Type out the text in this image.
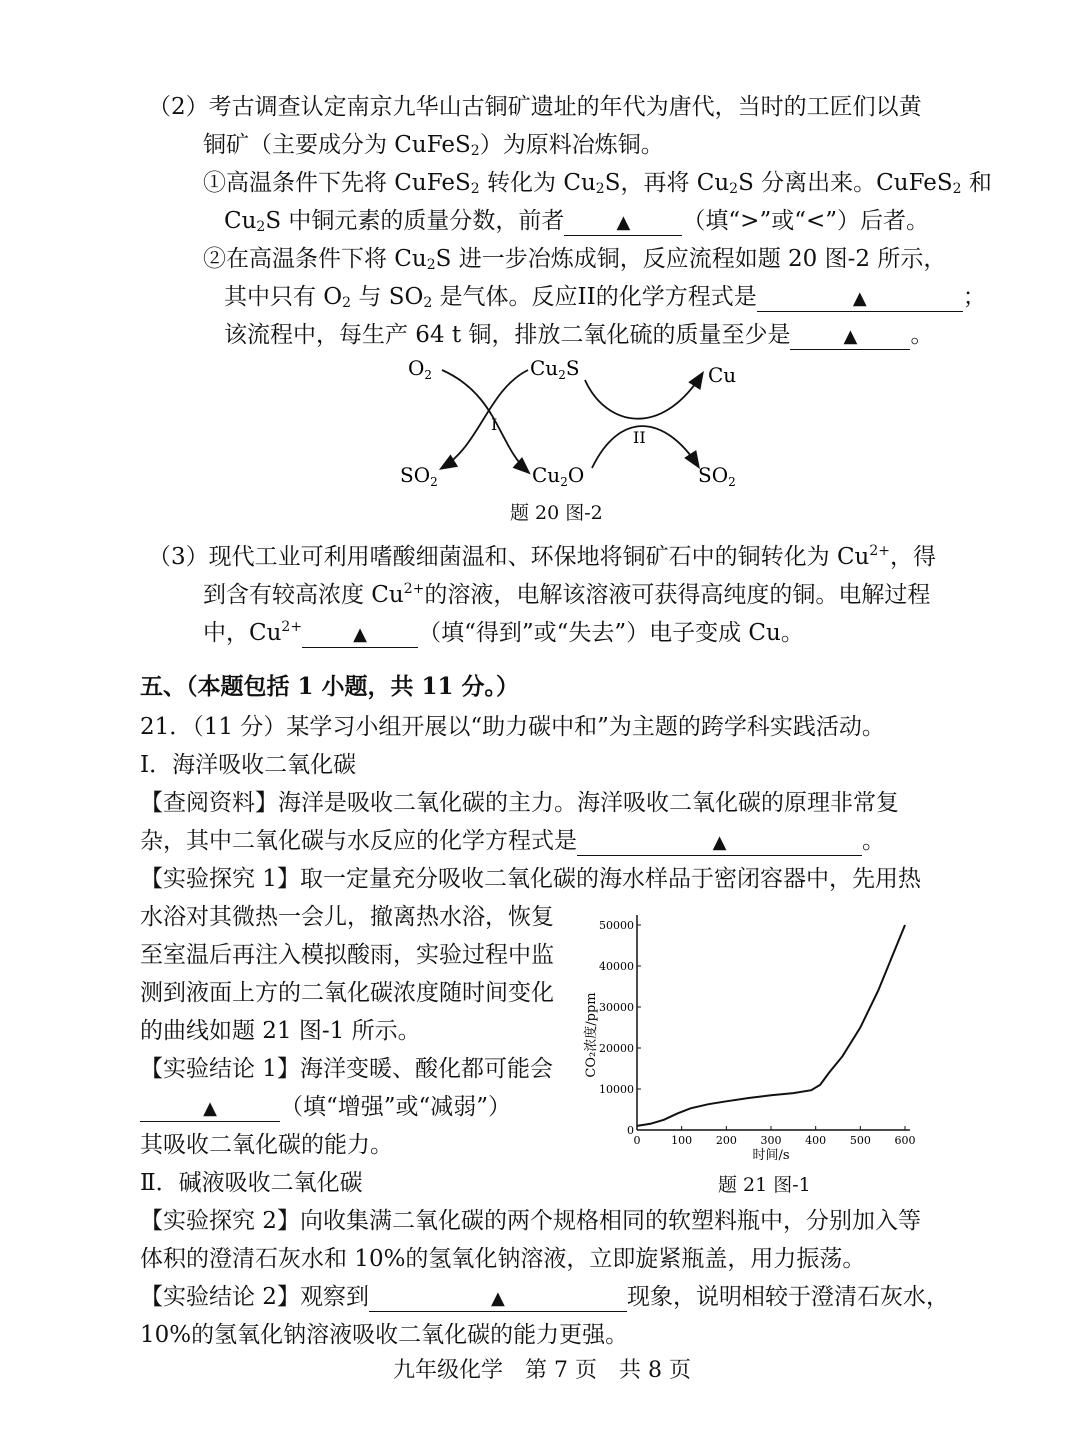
（2）考古调查认定南京九华山古铜矿遗址的年代为唐代，当时的工匠们以黄
铜矿（主要成分为 CuFeS$_2$）为原料冶炼铜。
①高温条件下先将 CuFeS$_2$ 转化为 $Cu_2S$，再将 $Cu_2S$ 分离出来。CuFeS$_2$ 和
$Cu_2S$ 中铜元素的质量分数，前者	▲ （填“>”或“<”）后者。
②在高温条件下将 $Cu_2S$ 进一步冶炼成铜，反应流程如题 20 图-2 所示，
其中只有 $O_2$ 与 $SO_2$ 是气体。反应II的化学方程式是	▲	；
该流程中，每生产 64 t 铜，排放二氧化硫的质量至少是	▲ 。
$O_2$	$Cu_2S$
$SO_2$	$Cu_2O$
Cu
$SO_2$
I
II
题 20 图-2
（3）现代工业可利用嗜酸细菌温和、环保地将铜矿石中的铜转化为 $Cu^{2+}$，得
到含有较高浓度 $Cu^{2+}$的溶液，电解该溶液可获得高纯度的铜。电解过程
中，$Cu^{2+}$	▲ （填“得到”或“失去”）电子变成 Cu。
五、（本题包括 1 小题，共 11 分。）
21．（11 分）某学习小组开展以“助力碳中和”为主题的跨学科实践活动。
Ⅰ．海洋吸收二氧化碳
【查阅资料】海洋是吸收二氧化碳的主力。海洋吸收二氧化碳的原理非常复
杂，其中二氧化碳与水反应的化学方程式是	▲	。
【实验探究 1】取一定量充分吸收二氧化碳的海水样品于密闭容器中，先用热
水浴对其微热一会儿，撤离热水浴，恢复
至室温后再注入模拟酸雨，实验过程中监
测到液面上方的二氧化碳浓度随时间变化
的曲线如题 21 图-1 所示。
【实验结论 1】海洋变暖、酸化都可能会
▲	（填“增强”或“减弱”）
其吸收二氧化碳的能力。
Ⅱ．碱液吸收二氧化碳
【实验探究 2】向收集满二氧化碳的两个规格相同的软塑料瓶中，分别加入等
体积的澄清石灰水和 10%的氢氧化钠溶液，立即旋紧瓶盖，用力振荡。
【实验结论 2】观察到	▲	现象，说明相较于澄清石灰水，
10%的氢氧化钠溶液吸收二氧化碳的能力更强。
0	100 200 300 400 500 600
0
10000
20000
30000
40000
50000
CO₂浓度/ppm
时间/s
题 21 图-1
九年级化学　第 7 页　共 8 页
